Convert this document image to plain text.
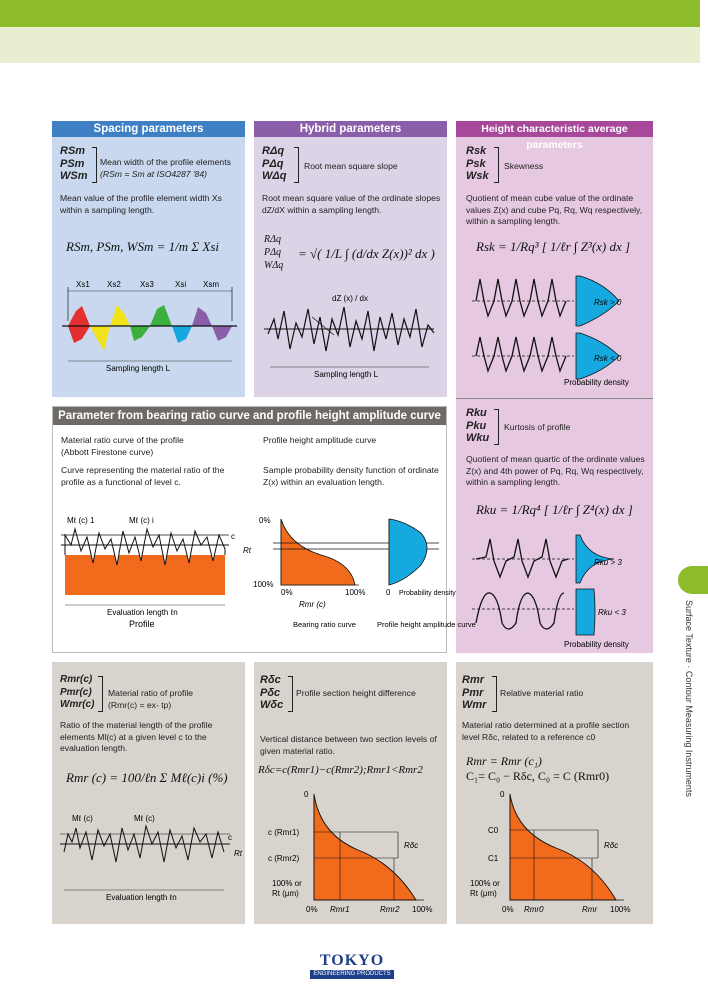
Spacing parameters
RSm
PSm
WSm
Mean width of the profile elements
(RSm = Sm at ISO4287 '84)
Mean value of the profile element width Xs within a sampling length.
RSm, PSm, WSm = 1/m Σ Xsi
Xs1 Xs2 Xs3	Xsi Xsm
Sampling length L
Hybrid parameters
RΔq
PΔq
WΔq
Root mean square slope
Root mean square value of the ordinate slopes dZ/dX within a sampling length.
RΔq
PΔq
WΔq
= √( 1/L ∫ (d/dx Z(x))² dx )
dZ (x) / dx
Sampling length L
Height characteristic average parameters
Rsk
Psk
Wsk
Skewness
Quotient of mean cube value of the ordinate values Z(x) and cube Pq, Rq, Wq respectively, within a sampling length.
Rsk = 1/Rq³ [ 1/ℓr ∫ Z³(x) dx ]
Rsk > 0
Rsk < 0
Probability density
Rku
Pku
Wku
Kurtosis of profile
Quotient of mean quartic of the ordinate values Z(x) and 4th power of Pq, Rq, Wq respectively, within a sampling length.
Rku = 1/Rq⁴ [ 1/ℓr ∫ Z⁴(x) dx ]
Rku > 3
Rku < 3
Probability density
Parameter from bearing ratio curve and profile height amplitude curve
Material ratio curve of the profile
(Abbott Firestone curve)
Curve representing the material ratio of the profile as a functional of level c.
Profile height amplitude curve
Sample probability density function of ordinate Z(x) within an evaluation length.
Mℓ (c) 1	Mℓ (c) i
c
Rt
Evaluation length ℓn
Profile
0%
100%
0%	100%
Rmr (c)
Bearing ratio curve
0 Probability density
Profile height amplitude curve
Rmr(c)
Pmr(c)
Wmr(c)
Material ratio of profile
(Rmr(c) = ex- tp)
Ratio of the material length of the profile elements Ml(c) at a given level c to the evaluation length.
Rmr (c) = 100/ℓn Σ Mℓ(c)i (%)
Mℓ (c)	Mℓ (c)
c
Rt
Evaluation length ℓn
Rδc
Pδc
Wδc
Profile section height difference
Vertical distance between two section levels of given material ratio.
Rδc=c(Rmr1)−c(Rmr2);Rmr1<Rmr2
0
c (Rmr1)
c (Rmr2)
Rδc
100% or
Rt (μm)
0% Rmr1	Rmr2 100%
Rmr
Pmr
Wmr
Relative material ratio
Material ratio determined at a profile section level Rδc, related to a reference c0
Rmr = Rmr (c₁)
C₁= C₀ − Rδc, C₀ = C (Rmr0)
0
C0
C1
Rδc
100% or
Rt (μm)
0% Rmr0	Rmr 100%
Surface Texture · Contour Measuring Instruments
TOKYO
ENGINEERING PRODUCTS
